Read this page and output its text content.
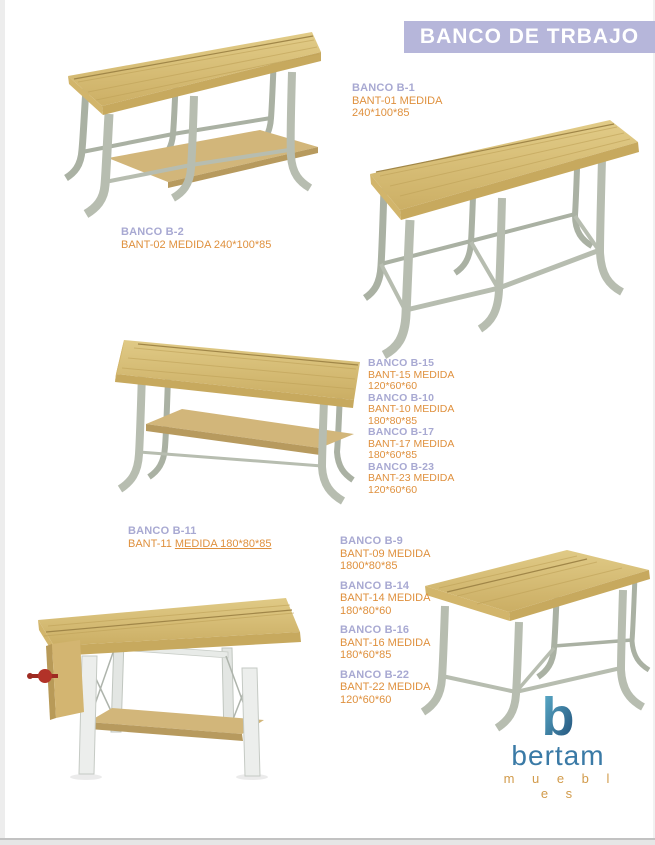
BANCO DE TRBAJO
BANCO B-1
BANT-01 MEDIDA
240*100*85
BANCO B-2
BANT-02 MEDIDA 240*100*85
BANCO B-15
BANT-15 MEDIDA
120*60*60
BANCO B-10
BANT-10 MEDIDA
180*80*85
BANCO B-17
BANT-17 MEDIDA
180*60*85
BANCO B-23
BANT-23 MEDIDA
120*60*60
BANCO B-11
BANT-11 MEDIDA 180*80*85	BANCO B-9
BANT-09 MEDIDA
1800*80*85
BANCO B-14
BANT-14 MEDIDA
180*80*60
BANCO B-16
BANT-16 MEDIDA
180*60*85
BANCO B-22
BANT-22 MEDIDA
120*60*60	b
bertam
m u e b l e s
